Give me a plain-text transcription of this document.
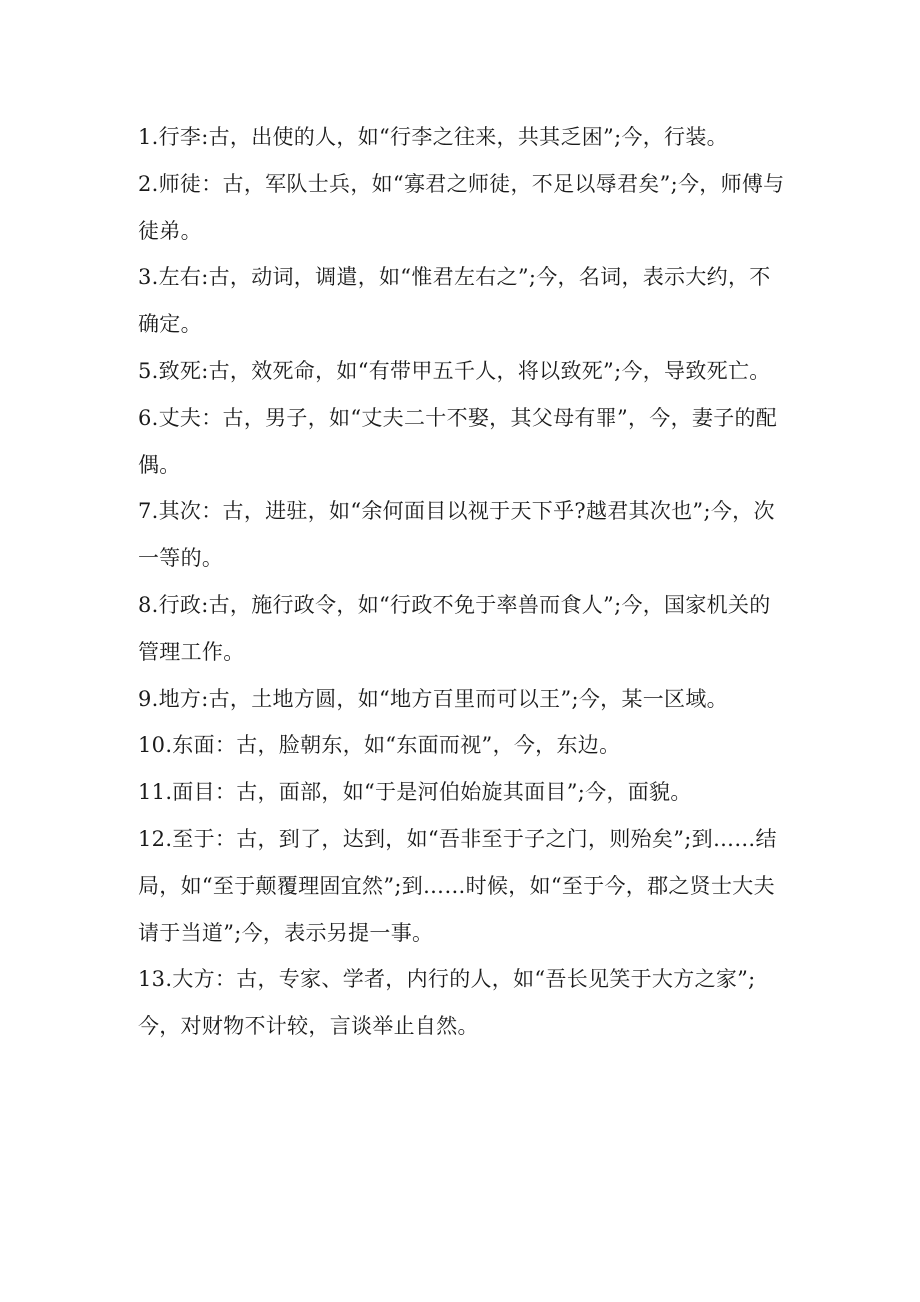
1.行李:古，出使的人，如“行李之往来，共其乏困”;今，行装。

2.师徒：古，军队士兵，如“寡君之师徒，不足以辱君矣”;今，师傅与徒弟。

3.左右:古，动词，调遣，如“惟君左右之”;今，名词，表示大约，不确定。

5.致死:古，效死命，如“有带甲五千人，将以致死”;今，导致死亡。

6.丈夫：古，男子，如“丈夫二十不娶，其父母有罪”，今，妻子的配偶。

7.其次：古，进驻，如“余何面目以视于天下乎?越君其次也”;今，次一等的。

8.行政:古，施行政令，如“行政不免于率兽而食人”;今，国家机关的管理工作。

9.地方:古，土地方圆，如“地方百里而可以王”;今，某一区域。

10.东面：古，脸朝东，如“东面而视”，今，东边。

11.面目：古，面部，如“于是河伯始旋其面目”;今，面貌。

12.至于：古，到了，达到，如“吾非至于子之门，则殆矣”;到……结局，如“至于颠覆理固宜然”;到……时候，如“至于今，郡之贤士大夫请于当道”;今，表示另提一事。

13.大方：古，专家、学者，内行的人，如“吾长见笑于大方之家”;今，对财物不计较，言谈举止自然。
